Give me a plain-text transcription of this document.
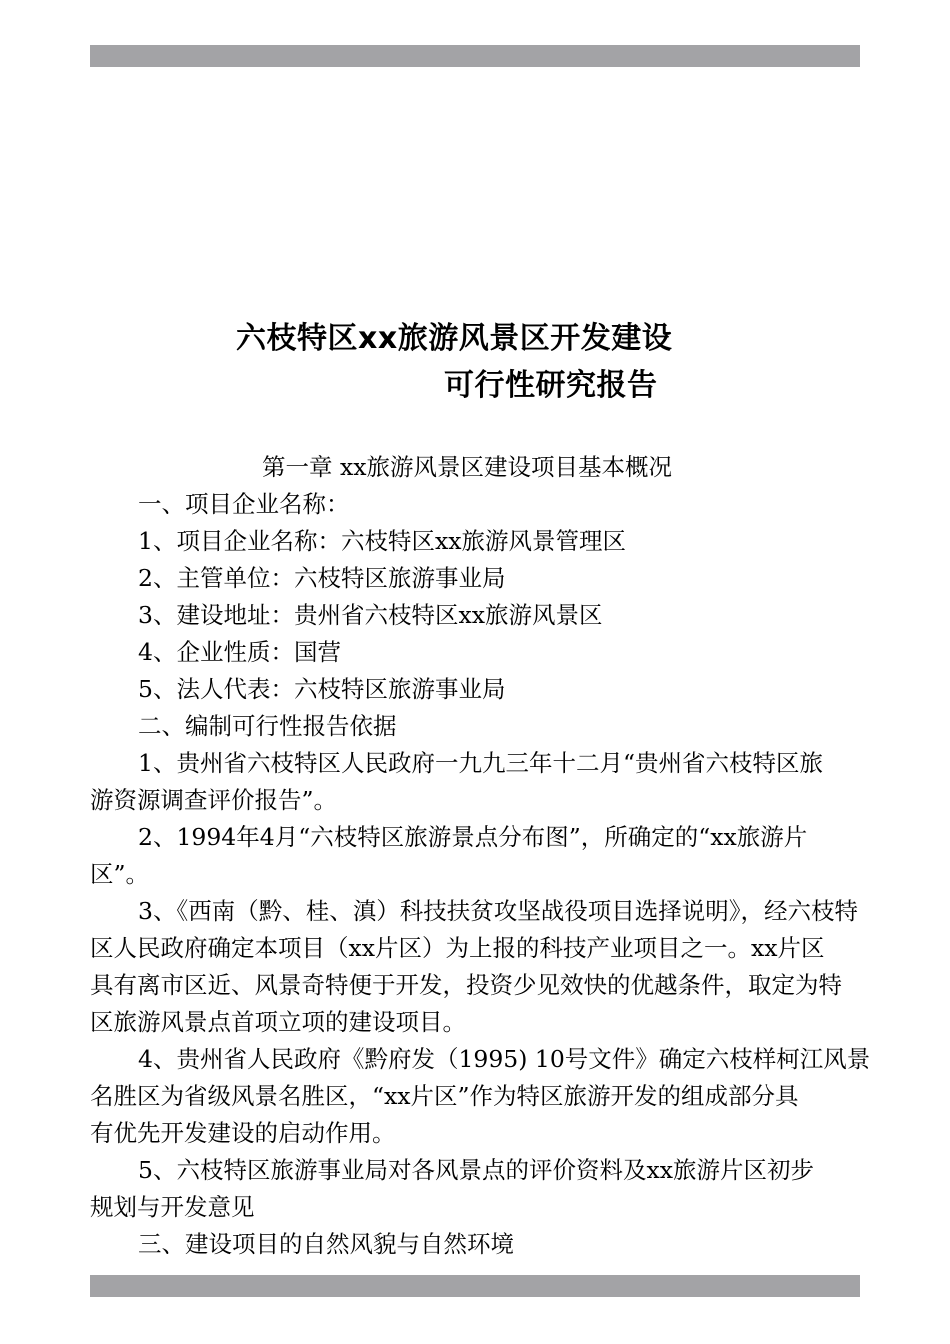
六枝特区xx旅游风景区开发建设
可行性研究报告
第一章 xx旅游风景区建设项目基本概况
一、项目企业名称：
1、项目企业名称：六枝特区xx旅游风景管理区
2、主管单位：六枝特区旅游事业局
3、建设地址：贵州省六枝特区xx旅游风景区
4、企业性质：国营
5、法人代表：六枝特区旅游事业局
二、编制可行性报告依据
1、贵州省六枝特区人民政府一九九三年十二月“贵州省六枝特区旅
游资源调查评价报告”。
2、1994年4月“六枝特区旅游景点分布图”，所确定的“xx旅游片
区”。
3、《西南（黔、桂、滇）科技扶贫攻坚战役项目选择说明》，经六枝特
区人民政府确定本项目（xx片区）为上报的科技产业项目之一。xx片区
具有离市区近、风景奇特便于开发，投资少见效快的优越条件，取定为特
区旅游风景点首项立项的建设项目。
4、贵州省人民政府《黔府发（1995) 10号文件》确定六枝样柯江风景
名胜区为省级风景名胜区，“xx片区”作为特区旅游开发的组成部分具
有优先开发建设的启动作用。
5、六枝特区旅游事业局对各风景点的评价资料及xx旅游片区初步
规划与开发意见
三、建设项目的自然风貌与自然环境
